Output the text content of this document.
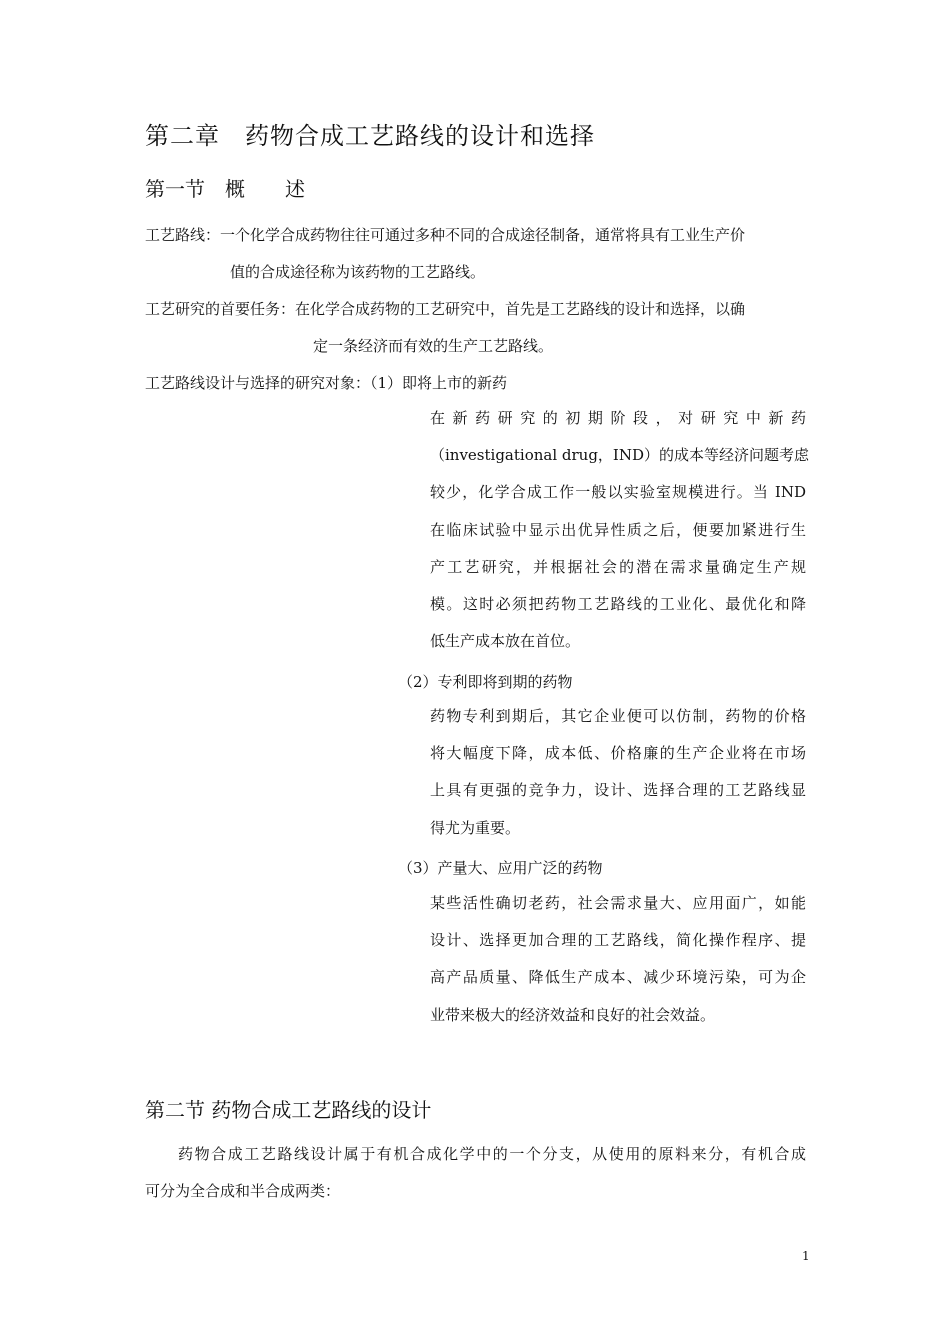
第二章　药物合成工艺路线的设计和选择
第一节　概　　述
工艺路线：一个化学合成药物往往可通过多种不同的合成途径制备，通常将具有工业生产价
值的合成途径称为该药物的工艺路线。
工艺研究的首要任务：在化学合成药物的工艺研究中，首先是工艺路线的设计和选择，以确
定一条经济而有效的生产工艺路线。
工艺路线设计与选择的研究对象：（1）即将上市的新药

在新药研究的初期阶段，对研究中新药

（investigational drug，IND）的成本等经济问题考虑

较少，化学合成工作一般以实验室规模进行。当 IND

在临床试验中显示出优异性质之后，便要加紧进行生

产工艺研究，并根据社会的潜在需求量确定生产规

模。这时必须把药物工艺路线的工业化、最优化和降

低生产成本放在首位。

（2）专利即将到期的药物

药物专利到期后，其它企业便可以仿制，药物的价格

将大幅度下降，成本低、价格廉的生产企业将在市场

上具有更强的竞争力，设计、选择合理的工艺路线显

得尤为重要。

（3）产量大、应用广泛的药物

某些活性确切老药，社会需求量大、应用面广，如能

设计、选择更加合理的工艺路线，简化操作程序、提

高产品质量、降低生产成本、减少环境污染，可为企

业带来极大的经济效益和良好的社会效益。

第二节 药物合成工艺路线的设计
药物合成工艺路线设计属于有机合成化学中的一个分支，从使用的原料来分，有机合成
可分为全合成和半合成两类：
1
